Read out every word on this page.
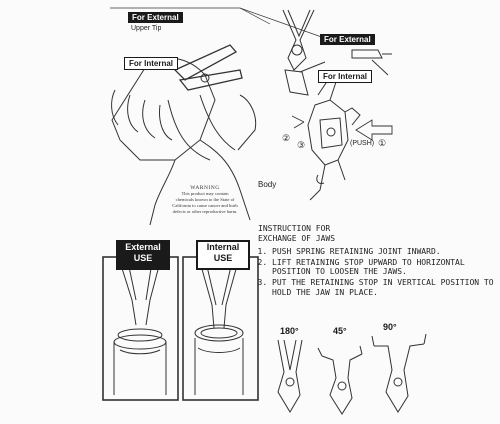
For External
Upper Tip
For Internal
For External
For Internal
Body
②
③	(PUSH) ①
WARNING
This product may contain chemicals known to the State of California to cause cancer and birth defects or other reproductive harm.
External
USE
Internal
USE
INSTRUCTION FOR
EXCHANGE OF JAWS
1. PUSH SPRING RETAINING JOINT INWARD.
2. LIFT RETAINING STOP UPWARD TO HORIZONTAL POSITION TO LOOSEN THE JAWS.
3. PUT THE RETAINING STOP IN VERTICAL POSITION TO HOLD THE JAW IN PLACE.
180°	45°	90°
